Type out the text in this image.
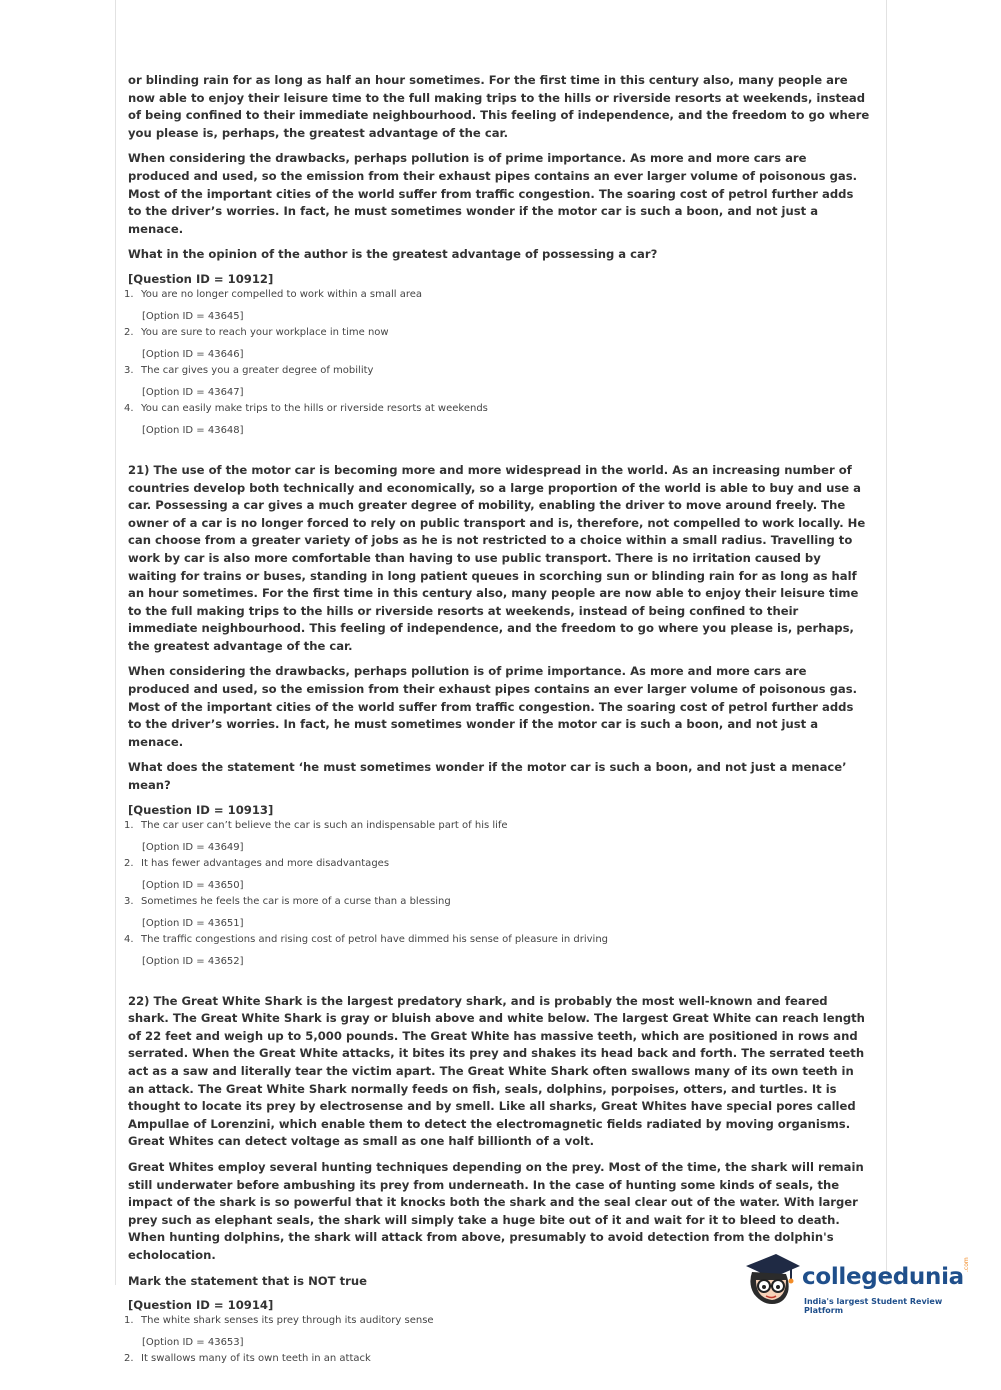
or blinding rain for as long as half an hour sometimes. For the first time in this century also, many people are now able to enjoy their leisure time to the full making trips to the hills or riverside resorts at weekends, instead of being confined to their immediate neighbourhood. This feeling of independence, and the freedom to go where you please is, perhaps, the greatest advantage of the car.

When considering the drawbacks, perhaps pollution is of prime importance. As more and more cars are produced and used, so the emission from their exhaust pipes contains an ever larger volume of poisonous gas. Most of the important cities of the world suffer from traffic congestion. The soaring cost of petrol further adds to the driver’s worries. In fact, he must sometimes wonder if the motor car is such a boon, and not just a menace.

What in the opinion of the author is the greatest advantage of possessing a car?

[Question ID = 10912]
1. You are no longer compelled to work within a small area
[Option ID = 43645]
2. You are sure to reach your workplace in time now
[Option ID = 43646]
3. The car gives you a greater degree of mobility
[Option ID = 43647]
4. You can easily make trips to the hills or riverside resorts at weekends
[Option ID = 43648]

21) The use of the motor car is becoming more and more widespread in the world. As an increasing number of countries develop both technically and economically, so a large proportion of the world is able to buy and use a car. Possessing a car gives a much greater degree of mobility, enabling the driver to move around freely. The owner of a car is no longer forced to rely on public transport and is, therefore, not compelled to work locally. He can choose from a greater variety of jobs as he is not restricted to a choice within a small radius. Travelling to work by car is also more comfortable than having to use public transport. There is no irritation caused by waiting for trains or buses, standing in long patient queues in scorching sun or blinding rain for as long as half an hour sometimes. For the first time in this century also, many people are now able to enjoy their leisure time to the full making trips to the hills or riverside resorts at weekends, instead of being confined to their immediate neighbourhood. This feeling of independence, and the freedom to go where you please is, perhaps, the greatest advantage of the car.

When considering the drawbacks, perhaps pollution is of prime importance. As more and more cars are produced and used, so the emission from their exhaust pipes contains an ever larger volume of poisonous gas. Most of the important cities of the world suffer from traffic congestion. The soaring cost of petrol further adds to the driver’s worries. In fact, he must sometimes wonder if the motor car is such a boon, and not just a menace.

What does the statement ‘he must sometimes wonder if the motor car is such a boon, and not just a menace’ mean?

[Question ID = 10913]
1. The car user can’t believe the car is such an indispensable part of his life
[Option ID = 43649]
2. It has fewer advantages and more disadvantages
[Option ID = 43650]
3. Sometimes he feels the car is more of a curse than a blessing
[Option ID = 43651]
4. The traffic congestions and rising cost of petrol have dimmed his sense of pleasure in driving
[Option ID = 43652]

22) The Great White Shark is the largest predatory shark, and is probably the most well-known and feared shark. The Great White Shark is gray or bluish above and white below. The largest Great White can reach length of 22 feet and weigh up to 5,000 pounds. The Great White has massive teeth, which are positioned in rows and serrated. When the Great White attacks, it bites its prey and shakes its head back and forth. The serrated teeth act as a saw and literally tear the victim apart. The Great White Shark often swallows many of its own teeth in an attack. The Great White Shark normally feeds on fish, seals, dolphins, porpoises, otters, and turtles. It is thought to locate its prey by electrosense and by smell. Like all sharks, Great Whites have special pores called Ampullae of Lorenzini, which enable them to detect the electromagnetic fields radiated by moving organisms. Great Whites can detect voltage as small as one half billionth of a volt.

Great Whites employ several hunting techniques depending on the prey. Most of the time, the shark will remain still underwater before ambushing its prey from underneath. In the case of hunting some kinds of seals, the impact of the shark is so powerful that it knocks both the shark and the seal clear out of the water. With larger prey such as elephant seals, the shark will simply take a huge bite out of it and wait for it to bleed to death. When hunting dolphins, the shark will attack from above, presumably to avoid detection from the dolphin's echolocation.

Mark the statement that is NOT true

[Question ID = 10914]
1. The white shark senses its prey through its auditory sense
[Option ID = 43653]
2. It swallows many of its own teeth in an attack
collegedunia .com
India's largest Student Review Platform
